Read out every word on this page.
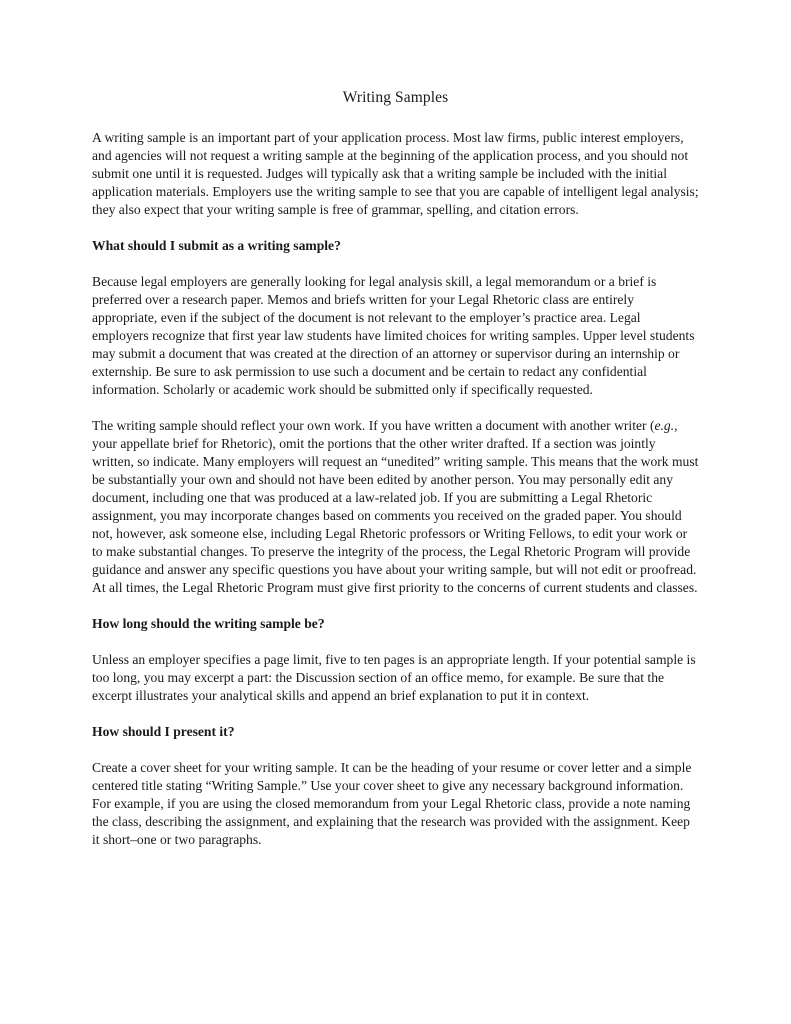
Writing Samples

A writing sample is an important part of your application process. Most law firms, public interest employers, and agencies will not request a writing sample at the beginning of the application process, and you should not submit one until it is requested. Judges will typically ask that a writing sample be included with the initial application materials. Employers use the writing sample to see that you are capable of intelligent legal analysis; they also expect that your writing sample is free of grammar, spelling, and citation errors.

What should I submit as a writing sample?

Because legal employers are generally looking for legal analysis skill, a legal memorandum or a brief is preferred over a research paper. Memos and briefs written for your Legal Rhetoric class are entirely appropriate, even if the subject of the document is not relevant to the employer’s practice area. Legal employers recognize that first year law students have limited choices for writing samples. Upper level students may submit a document that was created at the direction of an attorney or supervisor during an internship or externship. Be sure to ask permission to use such a document and be certain to redact any confidential information. Scholarly or academic work should be submitted only if specifically requested.

The writing sample should reflect your own work. If you have written a document with another writer (e.g., your appellate brief for Rhetoric), omit the portions that the other writer drafted. If a section was jointly written, so indicate. Many employers will request an “unedited” writing sample. This means that the work must be substantially your own and should not have been edited by another person. You may personally edit any document, including one that was produced at a law-related job. If you are submitting a Legal Rhetoric assignment, you may incorporate changes based on comments you received on the graded paper. You should not, however, ask someone else, including Legal Rhetoric professors or Writing Fellows, to edit your work or to make substantial changes. To preserve the integrity of the process, the Legal Rhetoric Program will provide guidance and answer any specific questions you have about your writing sample, but will not edit or proofread. At all times, the Legal Rhetoric Program must give first priority to the concerns of current students and classes.

How long should the writing sample be?

Unless an employer specifies a page limit, five to ten pages is an appropriate length. If your potential sample is too long, you may excerpt a part: the Discussion section of an office memo, for example. Be sure that the excerpt illustrates your analytical skills and append an brief explanation to put it in context.

How should I present it?

Create a cover sheet for your writing sample. It can be the heading of your resume or cover letter and a simple centered title stating “Writing Sample.” Use your cover sheet to give any necessary background information. For example, if you are using the closed memorandum from your Legal Rhetoric class, provide a note naming the class, describing the assignment, and explaining that the research was provided with the assignment. Keep it short–one or two paragraphs.
